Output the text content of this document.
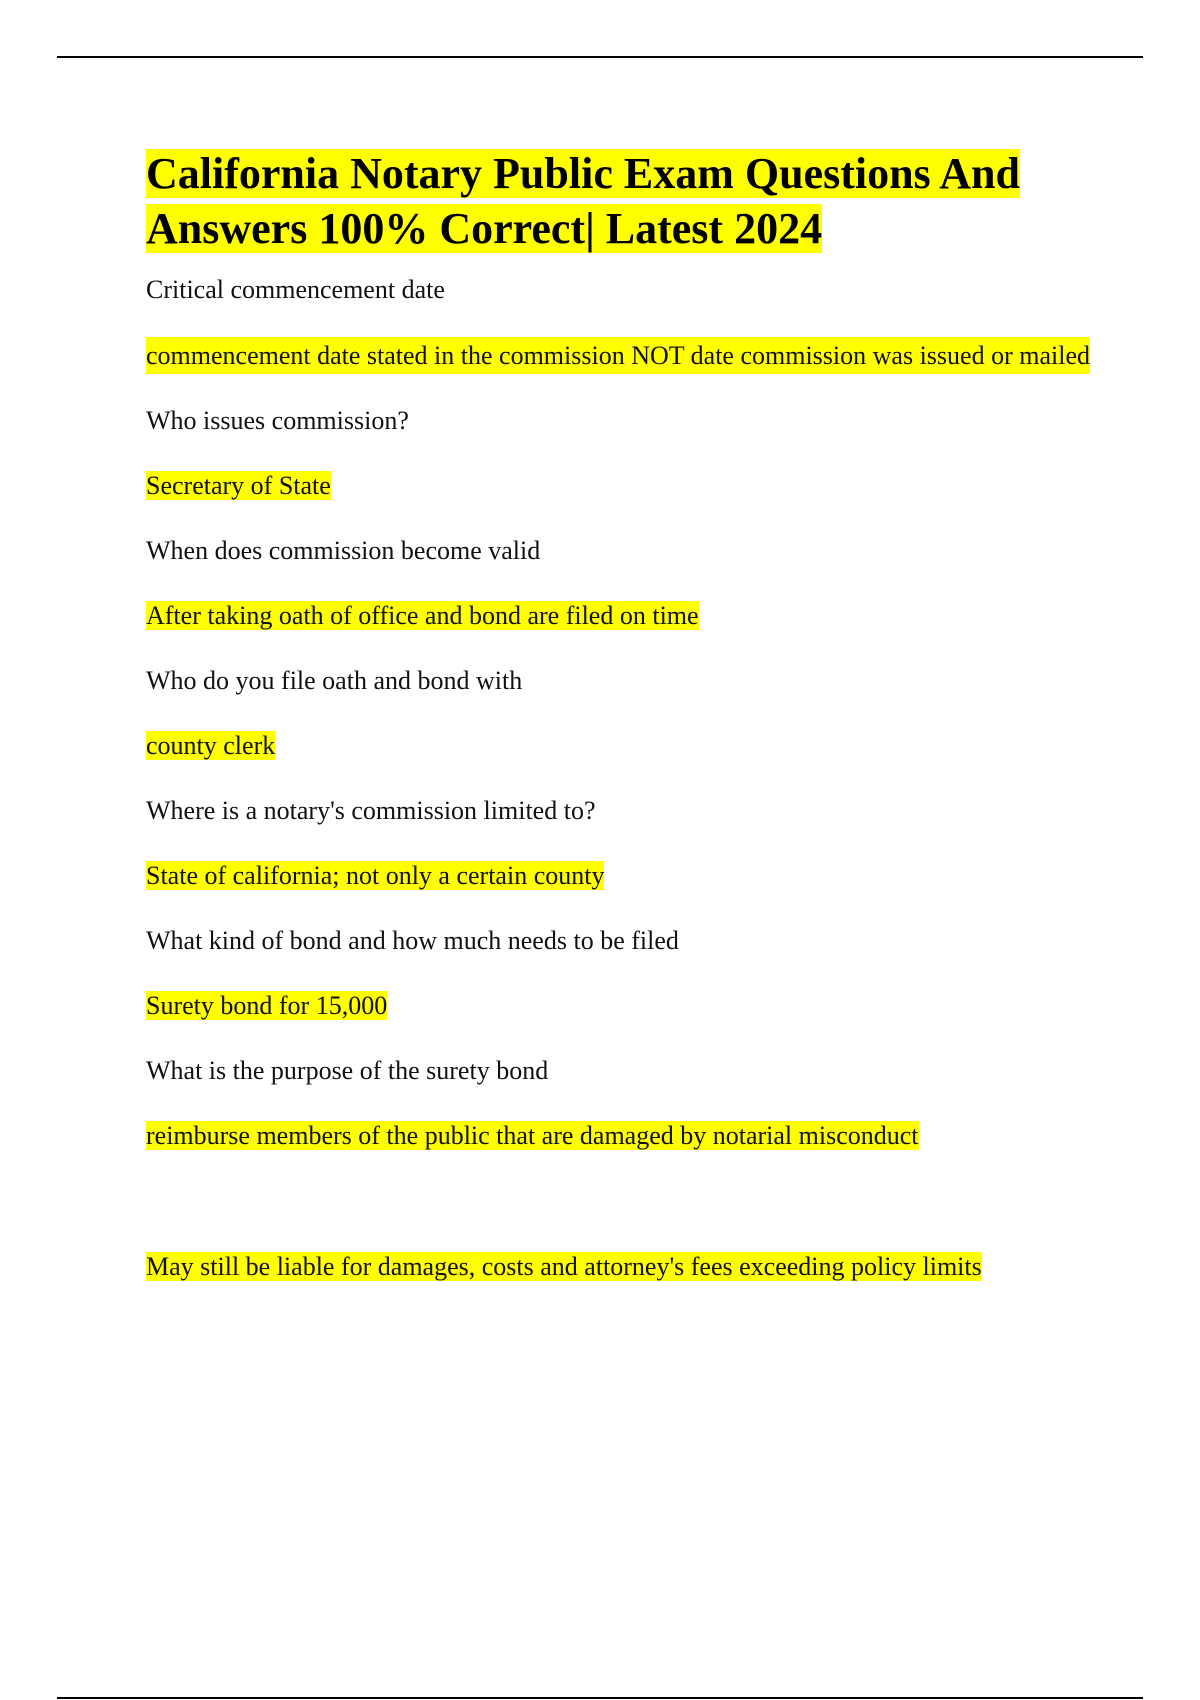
California Notary Public Exam Questions And Answers 100% Correct| Latest 2024
Critical commencement date
commencement date stated in the commission NOT date commission was issued or mailed
Who issues commission?
Secretary of State
When does commission become valid
After taking oath of office and bond are filed on time
Who do you file oath and bond with
county clerk
Where is a notary's commission limited to?
State of california; not only a certain county
What kind of bond and how much needs to be filed
Surety bond for 15,000
What is the purpose of the surety bond
reimburse members of the public that are damaged by notarial misconduct
May still be liable for damages, costs and attorney's fees exceeding policy limits
